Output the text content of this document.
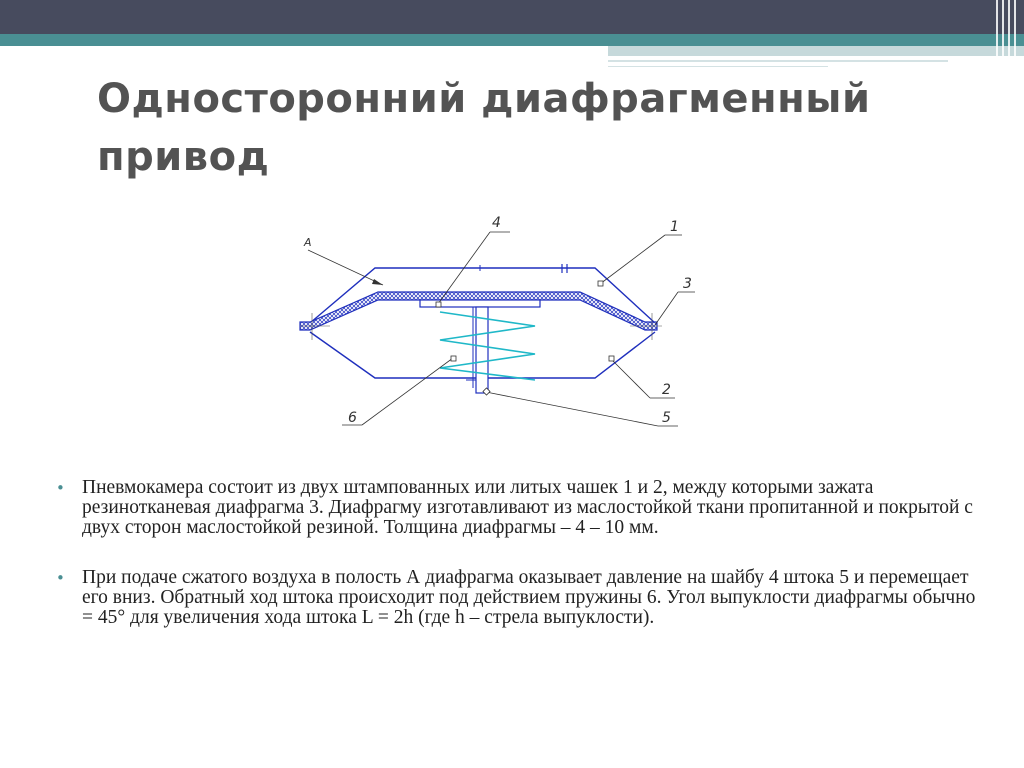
Односторонний диафрагменный привод
А
4	1
3
2
5
6
• Пневмокамера состоит из двух штампованных или литых чашек 1 и 2, между которыми зажата резинотканевая диафрагма 3. Диафрагму изготавливают из маслостойкой ткани пропитанной и покрытой с двух сторон маслостойкой резиной. Толщина диафрагмы – 4 – 10 мм.
• При подаче сжатого воздуха в полость А диафрагма оказывает давление на шайбу 4 штока 5 и перемещает его вниз. Обратный ход штока происходит под действием пружины 6. Угол выпуклости диафрагмы обычно = 45° для увеличения хода штока L = 2h (где h – стрела выпуклости).
